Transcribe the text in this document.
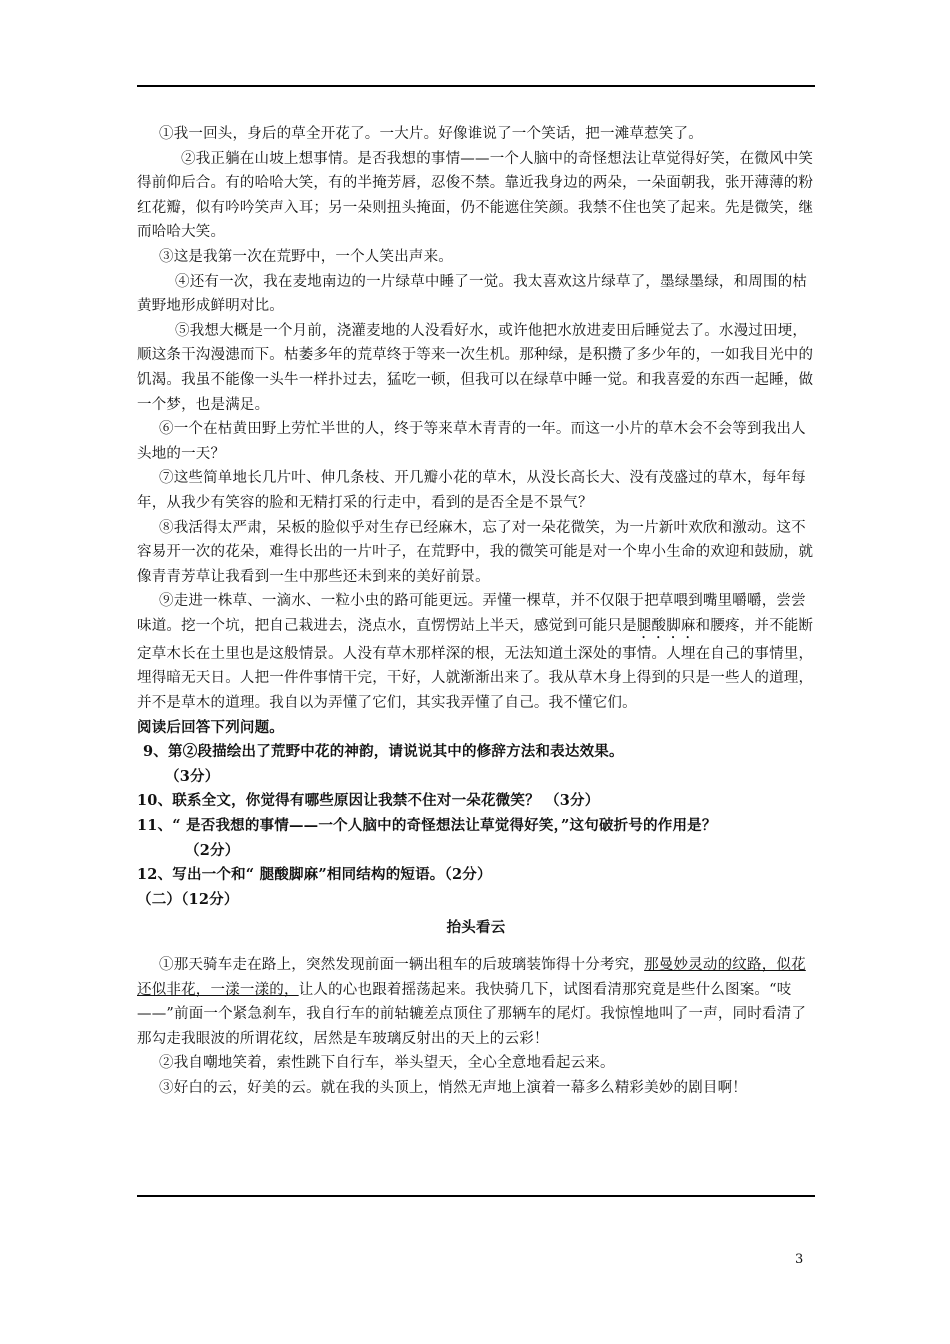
①我一回头，身后的草全开花了。一大片。好像谁说了一个笑话，把一滩草惹笑了。

②我正躺在山坡上想事情。是否我想的事情——一个人脑中的奇怪想法让草觉得好笑，在微风中笑得前仰后合。有的哈哈大笑，有的半掩芳唇，忍俊不禁。靠近我身边的两朵，一朵面朝我，张开薄薄的粉红花瓣，似有吟吟笑声入耳；另一朵则扭头掩面，仍不能遮住笑颜。我禁不住也笑了起来。先是微笑，继而哈哈大笑。

③这是我第一次在荒野中，一个人笑出声来。

④还有一次，我在麦地南边的一片绿草中睡了一觉。我太喜欢这片绿草了，墨绿墨绿，和周围的枯黄野地形成鲜明对比。

⑤我想大概是一个月前，浇灌麦地的人没看好水，或许他把水放进麦田后睡觉去了。水漫过田埂，顺这条干沟漫漶而下。枯萎多年的荒草终于等来一次生机。那种绿，是积攒了多少年的，一如我目光中的饥渴。我虽不能像一头牛一样扑过去，猛吃一顿，但我可以在绿草中睡一觉。和我喜爱的东西一起睡，做一个梦，也是满足。

⑥一个在枯黄田野上劳忙半世的人，终于等来草木青青的一年。而这一小片的草木会不会等到我出人头地的一天？

⑦这些简单地长几片叶、伸几条枝、开几瓣小花的草木，从没长高长大、没有茂盛过的草木，每年每年，从我少有笑容的脸和无精打采的行走中，看到的是否全是不景气？

⑧我活得太严肃，呆板的脸似乎对生存已经麻木，忘了对一朵花微笑，为一片新叶欢欣和激动。这不容易开一次的花朵，难得长出的一片叶子，在荒野中，我的微笑可能是对一个卑小生命的欢迎和鼓励，就像青青芳草让我看到一生中那些还未到来的美好前景。

⑨走进一株草、一滴水、一粒小虫的路可能更远。弄懂一棵草，并不仅限于把草喂到嘴里嚼嚼，尝尝味道。挖一个坑，把自己栽进去，浇点水，直愣愣站上半天，感觉到可能只是腿酸脚麻和腰疼，并不能断定草木长在土里也是这般情景。人没有草木那样深的根，无法知道土深处的事情。人埋在自己的事情里，埋得暗无天日。人把一件件事情干完，干好，人就渐渐出来了。我从草木身上得到的只是一些人的道理，并不是草木的道理。我自以为弄懂了它们，其实我弄懂了自己。我不懂它们。

阅读后回答下列问题。

9、第②段描绘出了荒野中花的神韵，请说说其中的修辞方法和表达效果。

（3分）

10、联系全文，你觉得有哪些原因让我禁不住对一朵花微笑？ （3分）

11、“ 是否我想的事情——一个人脑中的奇怪想法让草觉得好笑，”这句破折号的作用是？

（2分）

12、写出一个和“ 腿酸脚麻”相同结构的短语。（2分）

（二）（12分）

抬头看云

①那天骑车走在路上，突然发现前面一辆出租车的后玻璃装饰得十分考究，那曼妙灵动的纹路，似花还似非花，一漾一漾的，让人的心也跟着摇荡起来。我快骑几下，试图看清那究竟是些什么图案。“吱——”前面一个紧急刹车，我自行车的前轱辘差点顶住了那辆车的尾灯。我惊惶地叫了一声，同时看清了那勾走我眼波的所谓花纹，居然是车玻璃反射出的天上的云彩！

②我自嘲地笑着，索性跳下自行车，举头望天，全心全意地看起云来。

③好白的云，好美的云。就在我的头顶上，悄然无声地上演着一幕多么精彩美妙的剧目啊！

3
